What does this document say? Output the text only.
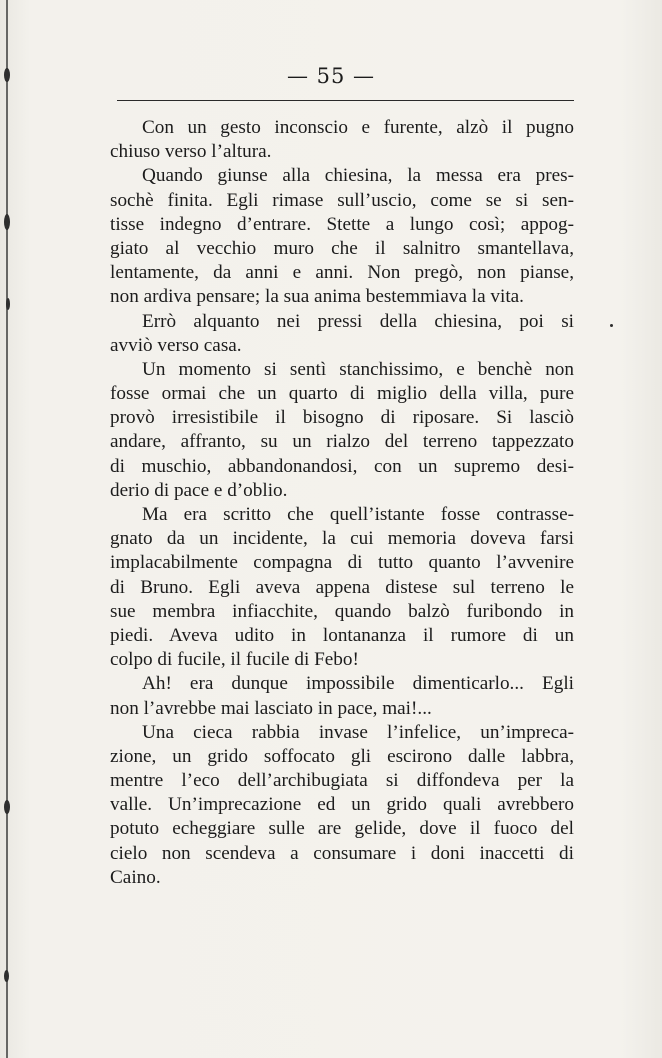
— 55 —
Con un gesto inconscio e furente, alzò il pugno
chiuso verso l’altura.
Quando giunse alla chiesina, la messa era pres-
sochè finita. Egli rimase sull’uscio, come se si sen-
tisse indegno d’entrare. Stette a lungo così; appog-
giato al vecchio muro che il salnitro smantellava,
lentamente, da anni e anni. Non pregò, non pianse,
non ardiva pensare; la sua anima bestemmiava la vita.
Errò alquanto nei pressi della chiesina, poi si
avviò verso casa.
Un momento si sentì stanchissimo, e benchè non
fosse ormai che un quarto di miglio della villa, pure
provò irresistibile il bisogno di riposare. Si lasciò
andare, affranto, su un rialzo del terreno tappezzato
di muschio, abbandonandosi, con un supremo desi-
derio di pace e d’oblio.
Ma era scritto che quell’istante fosse contrasse-
gnato da un incidente, la cui memoria doveva farsi
implacabilmente compagna di tutto quanto l’avvenire
di Bruno. Egli aveva appena distese sul terreno le
sue membra infiacchite, quando balzò furibondo in
piedi. Aveva udito in lontananza il rumore di un
colpo di fucile, il fucile di Febo!
Ah! era dunque impossibile dimenticarlo... Egli
non l’avrebbe mai lasciato in pace, mai!...
Una cieca rabbia invase l’infelice, un’impreca-
zione, un grido soffocato gli escirono dalle labbra,
mentre l’eco dell’archibugiata si diffondeva per la
valle. Un’imprecazione ed un grido quali avrebbero
potuto echeggiare sulle are gelide, dove il fuoco del
cielo non scendeva a consumare i doni inaccetti di
Caino.
